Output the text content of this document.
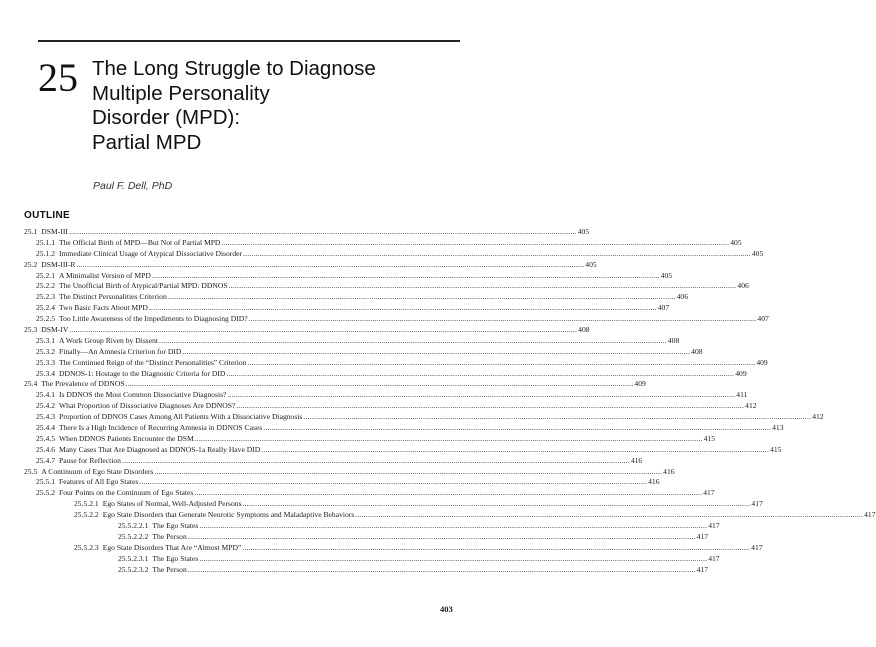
25 The Long Struggle to Diagnose
Multiple Personality
Disorder (MPD):
Partial MPD
Paul F. Dell, PhD
OUTLINE
25.1 DSM-III .....	405
25.1.1 The Official Birth of MPD—But Not of Partial MPD .....	405
25.1.2 Immediate Clinical Usage of Atypical Dissociative Disorder .....	405
25.2 DSM-III-R .....	405
25.2.1 A Minimalist Version of MPD .....	405
25.2.2 The Unofficial Birth of Atypical/Partial MPD: DDNOS .....	406
25.2.3 The Distinct Personalities Criterion .....	406
25.2.4 Two Basic Facts About MPD .....	407
25.2.5 Too Little Awareness of the Impediments to Diagnosing DID? .....	407
25.3 DSM-IV .....	408
25.3.1 A Work Group Riven by Dissent .....	408
25.3.2 Finally—An Amnesia Criterion for DID .....	408
25.3.3 The Continued Reign of the “Distinct Personalities” Criterion .....	409
25.3.4 DDNOS-1: Hostage to the Diagnostic Criteria for DID .....	409
25.4 The Prevalence of DDNOS .....	409
25.4.1 Is DDNOS the Most Common Dissociative Diagnosis? .....	411
25.4.2 What Proportion of Dissociative Diagnoses Are DDNOS? .....	412
25.4.3 Proportion of DDNOS Cases Among All Patients With a Dissociative Diagnosis .....	412
25.4.4 There Is a High Incidence of Recurring Amnesia in DDNOS Cases .....	413
25.4.5 When DDNOS Patients Encounter the DSM .....	415
25.4.6 Many Cases That Are Diagnosed as DDNOS-1a Really Have DID .....	415
25.4.7 Pause for Reflection .....	416
25.5 A Continuum of Ego State Disorders .....	416
25.5.1 Features of All Ego States .....	416
25.5.2 Four Points on the Continuum of Ego States .....	417
25.5.2.1 Ego States of Normal, Well-Adjusted Persons .....	417
25.5.2.2 Ego State Disorders that Generate Neurotic Symptoms and Maladaptive Behaviors .....	417
25.5.2.2.1 The Ego States .....	417
25.5.2.2.2 The Person .....	417
25.5.2.3 Ego State Disorders That Are “Almost MPD” .....	417
25.5.2.3.1 The Ego States .....	417
25.5.2.3.2 The Person .....	417
403
